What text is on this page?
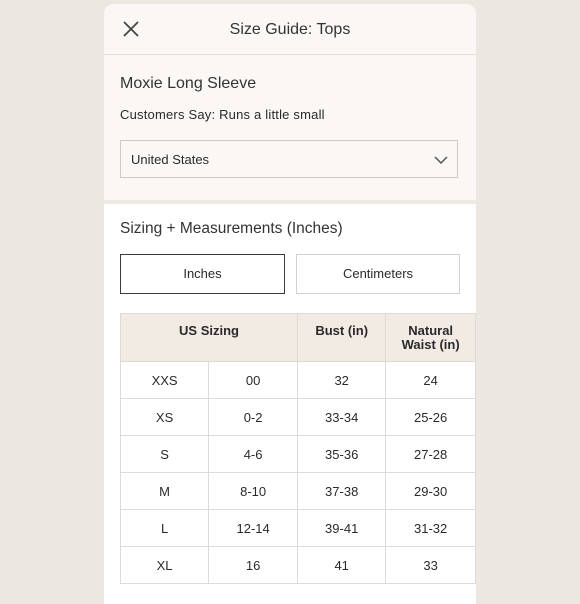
Size Guide: Tops
Moxie Long Sleeve
Customers Say: Runs a little small
United States
Sizing + Measurements (Inches)
Inches	Centimeters
US Sizing		Bust (in)	Natural
Waist (in)
XXS	00	32	24
XS	0-2	33-34	25-26
S	4-6	35-36	27-28
M	8-10	37-38	29-30
L	12-14	39-41	31-32
XL	16	41	33
